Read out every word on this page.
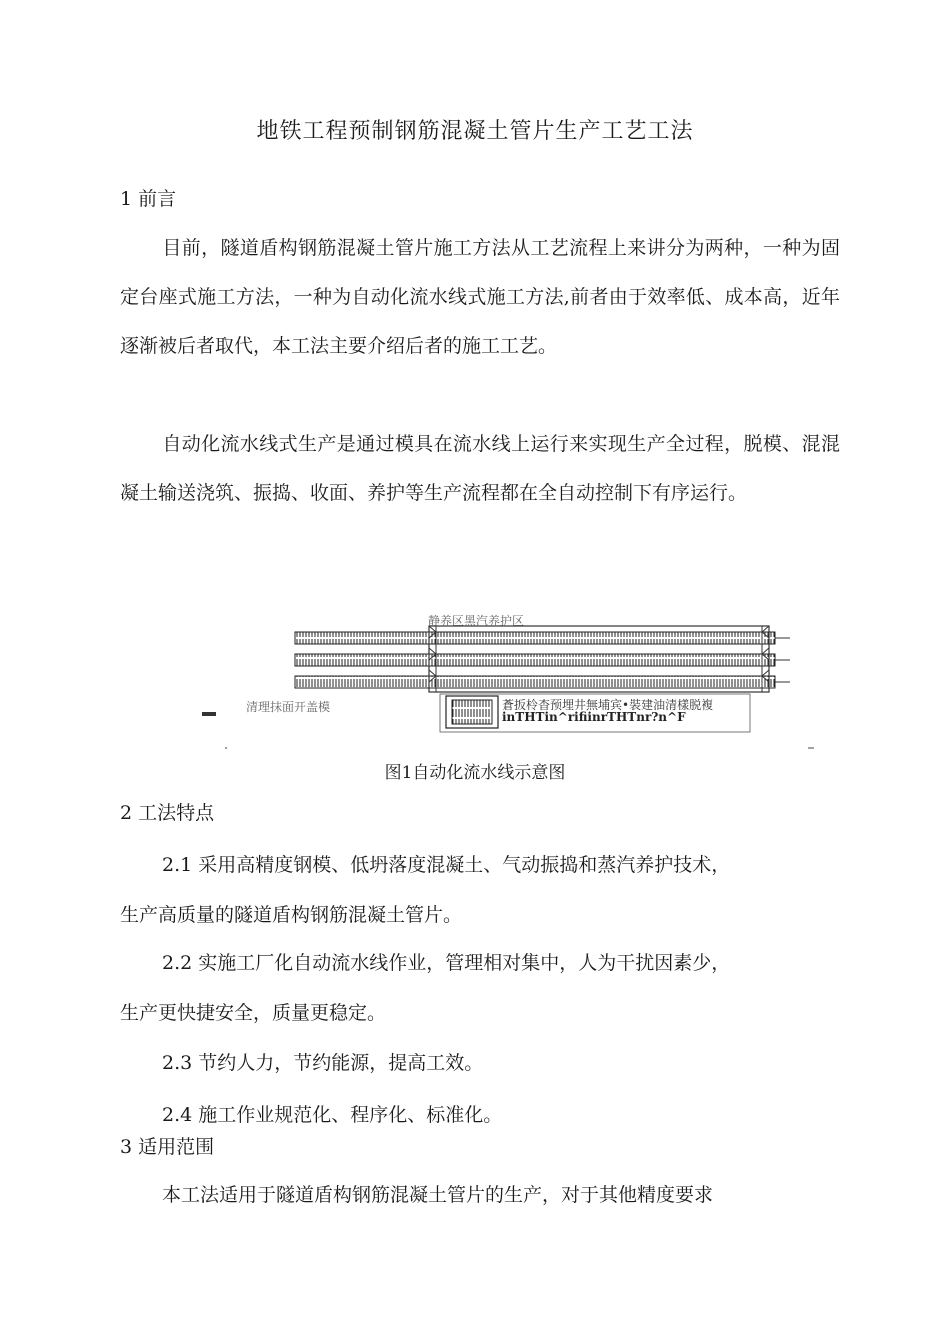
地铁工程预制钢筋混凝土管片生产工艺工法
1 前言
目前，隧道盾构钢筋混凝土管片施工方法从工艺流程上来讲分为两种，一种为固定台座式施工方法，一种为自动化流水线式施工方法,前者由于效率低、成本高，近年逐渐被后者取代，本工法主要介绍后者的施工工艺。
自动化流水线式生产是通过模具在流水线上运行来实现生产全过程，脱模、混混凝土输送浇筑、振捣、收面、养护等生产流程都在全自动控制下有序运行。
静养区黑汽养护区
清理抹面开盖模	蒼扳柃杳预埋井無埔宾•裝建油清樣脱複
inTHTin^rifiinrTHTnr?n^F
图1自动化流水线示意图
2 工法特点
2.1 采用高精度钢模、低坍落度混凝土、气动振捣和蒸汽养护技术，
生产高质量的隧道盾构钢筋混凝土管片。
2.2 实施工厂化自动流水线作业，管理相对集中，人为干扰因素少，
生产更快捷安全，质量更稳定。
2.3 节约人力，节约能源，提高工效。
2.4 施工作业规范化、程序化、标准化。
3 适用范围
本工法适用于隧道盾构钢筋混凝土管片的生产，对于其他精度要求
